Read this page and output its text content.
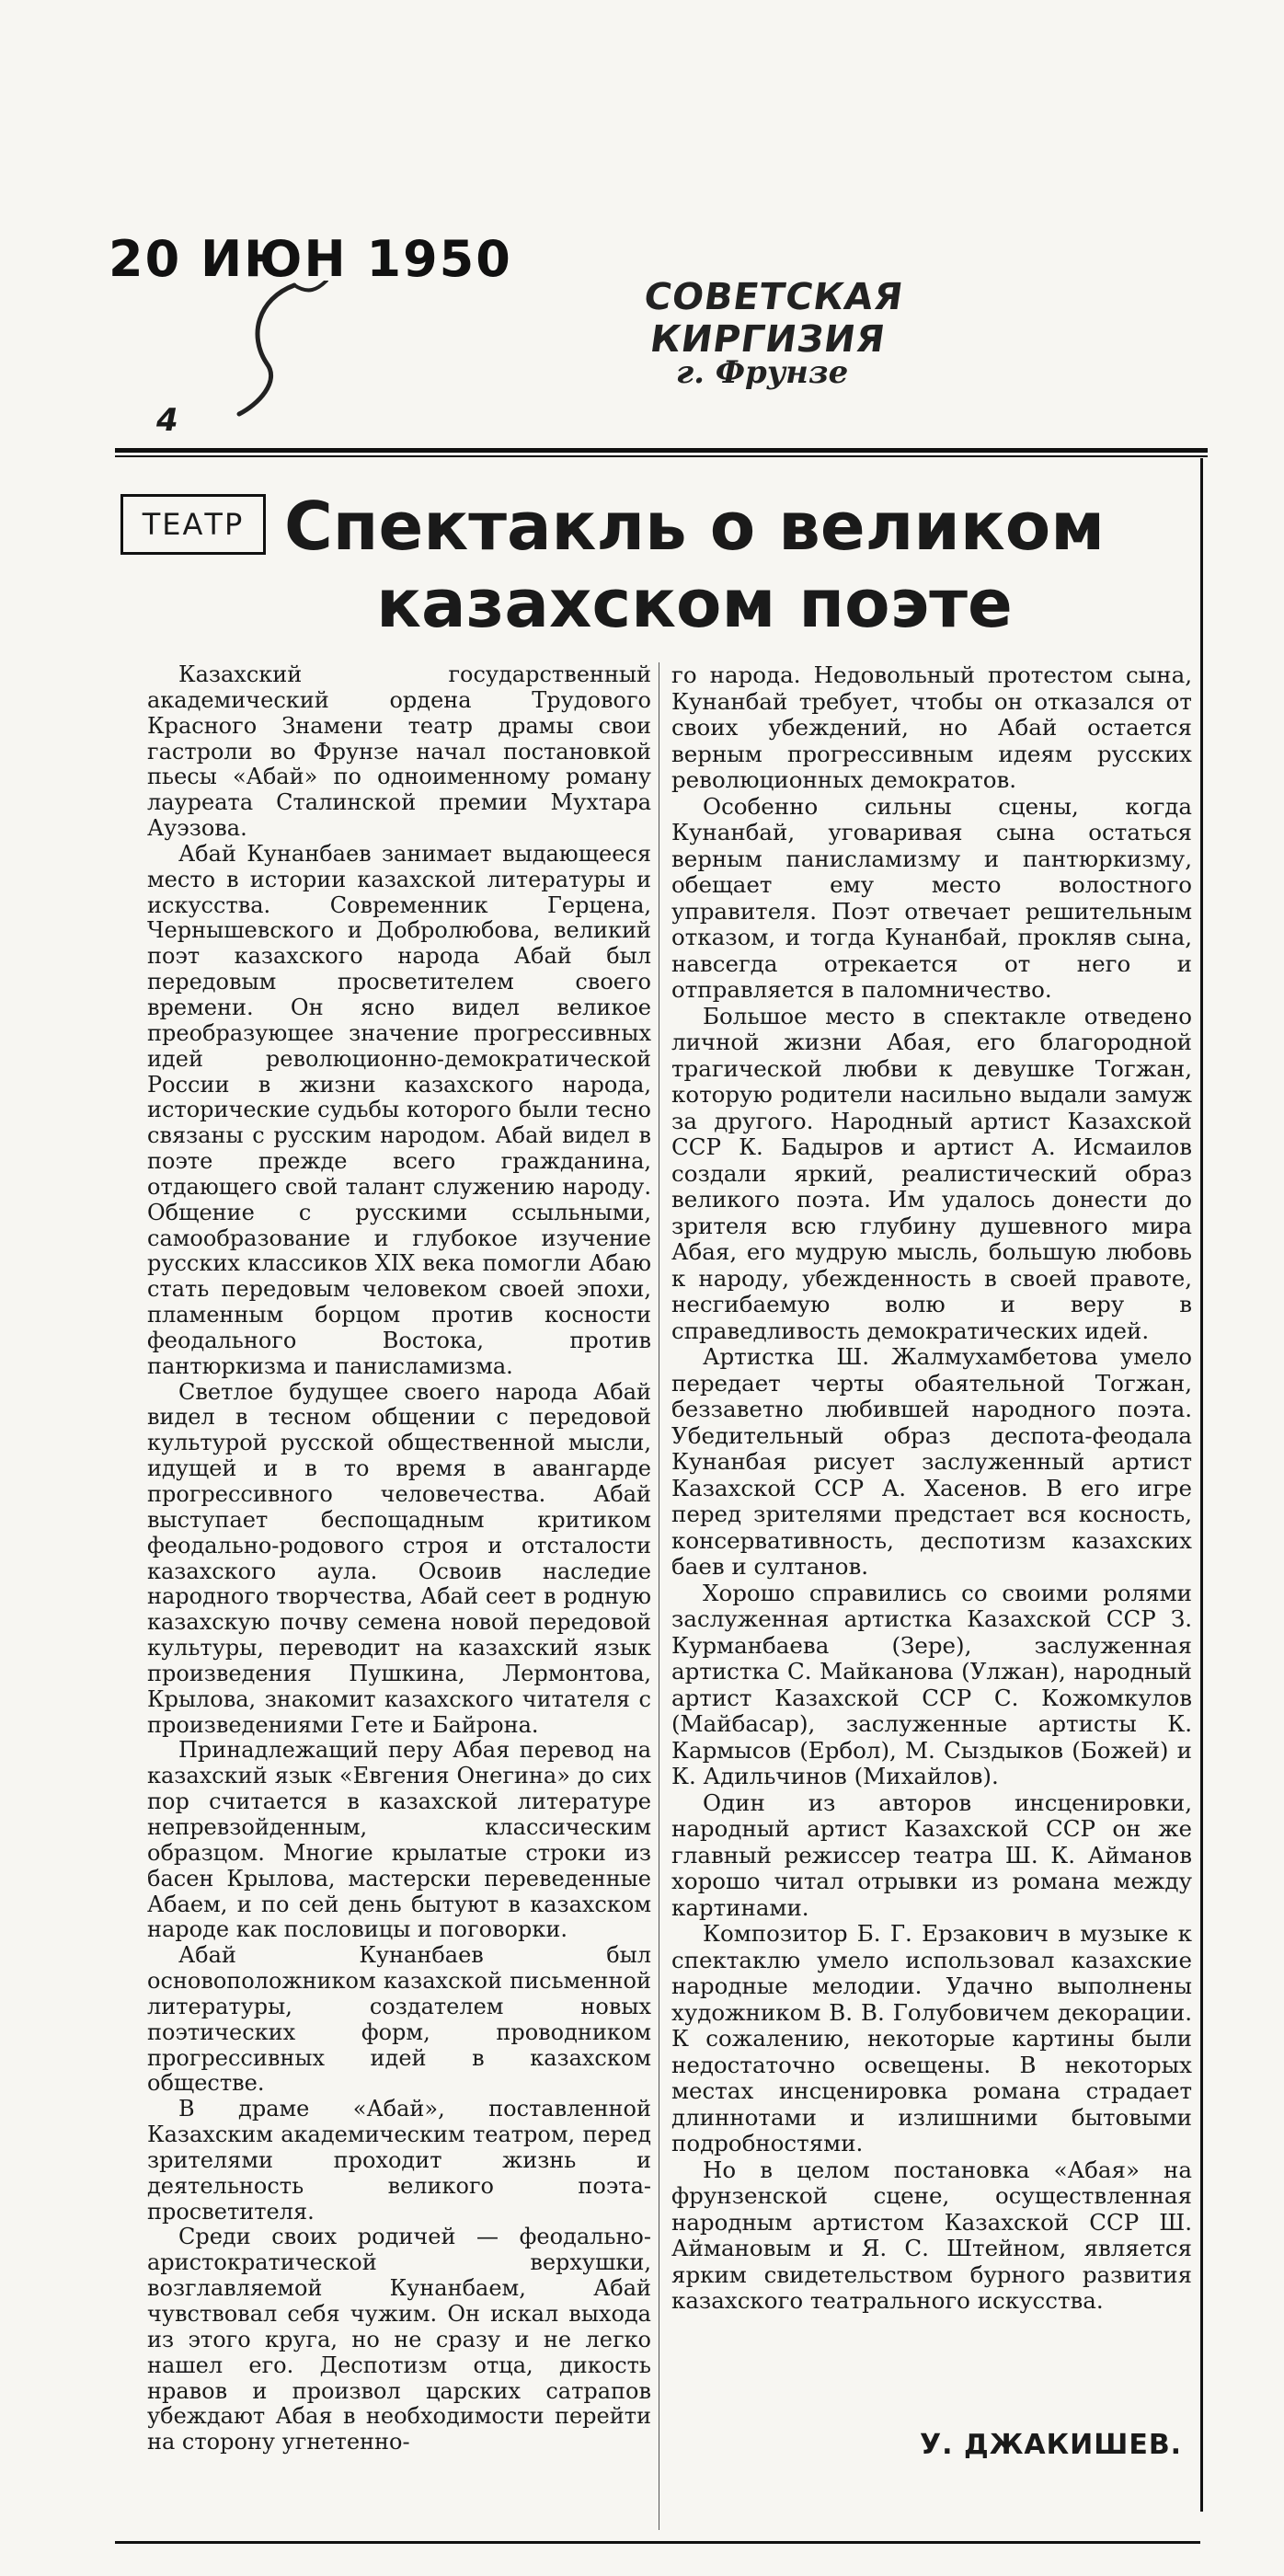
20 ИЮН 1950
СОВЕТСКАЯ КИРГИЗИЯ
г. Фрунзе
4
ТЕАТР Спектакль о великом
казахском поэте

Казахский государственный академический ордена Трудового Красного Знамени театр драмы свои гастроли во Фрунзе начал постановкой пьесы «Абай» по одноименному роману лауреата Сталинской премии Мухтара Ауэзова.

Абай Кунанбаев занимает выдающееся место в истории казахской литературы и искусства. Современник Герцена, Чернышевского и Добролюбова, великий поэт казахского народа Абай был передовым просветителем своего времени. Он ясно видел великое преобразующее значение прогрессивных идей революционно-демократической России в жизни казахского народа, исторические судьбы которого были тесно связаны с русским народом. Абай видел в поэте прежде всего гражданина, отдающего свой талант служению народу. Общение с русскими ссыльными, самообразование и глубокое изучение русских классиков XIX века помогли Абаю стать передовым человеком своей эпохи, пламенным борцом против косности феодального Востока, против пантюркизма и панисламизма.

Светлое будущее своего народа Абай видел в тесном общении с передовой культурой русской общественной мысли, идущей и в то время в авангарде прогрессивного человечества. Абай выступает беспощадным критиком феодально-родового строя и отсталости казахского аула. Освоив наследие народного творчества, Абай сеет в родную казахскую почву семена новой передовой культуры, переводит на казахский язык произведения Пушкина, Лермонтова, Крылова, знакомит казахского читателя с произведениями Гете и Байрона.

Принадлежащий перу Абая перевод на казахский язык «Евгения Онегина» до сих пор считается в казахской литературе непревзойденным, классическим образцом. Многие крылатые строки из басен Крылова, мастерски переведенные Абаем, и по сей день бытуют в казахском народе как пословицы и поговорки.

Абай Кунанбаев был основоположником казахской письменной литературы, создателем новых поэтических форм, проводником прогрессивных идей в казахском обществе.

В драме «Абай», поставленной Казахским академическим театром, перед зрителями проходит жизнь и деятельность великого поэта-просветителя.

Среди своих родичей — феодально-аристократической верхушки, возглавляемой Кунанбаем, Абай чувствовал себя чужим. Он искал выхода из этого круга, но не сразу и не легко нашел его. Деспотизм отца, дикость нравов и произвол царских сатрапов убеждают Абая в необходимости перейти на сторону угнетенно-

го народа. Недовольный протестом сына, Кунанбай требует, чтобы он отказался от своих убеждений, но Абай остается верным прогрессивным идеям русских революционных демократов.

Особенно сильны сцены, когда Кунанбай, уговаривая сына остаться верным панисламизму и пантюркизму, обещает ему место волостного управителя. Поэт отвечает решительным отказом, и тогда Кунанбай, прокляв сына, навсегда отрекается от него и отправляется в паломничество.

Большое место в спектакле отведено личной жизни Абая, его благородной трагической любви к девушке Тогжан, которую родители насильно выдали замуж за другого. Народный артист Казахской ССР К. Бадыров и артист А. Исмаилов создали яркий, реалистический образ великого поэта. Им удалось донести до зрителя всю глубину душевного мира Абая, его мудрую мысль, большую любовь к народу, убежденность в своей правоте, несгибаемую волю и веру в справедливость демократических идей.

Артистка Ш. Жалмухамбетова умело передает черты обаятельной Тогжан, беззаветно любившей народного поэта. Убедительный образ деспота-феодала Кунанбая рисует заслуженный артист Казахской ССР А. Хасенов. В его игре перед зрителями предстает вся косность, консервативность, деспотизм казахских баев и султанов.

Хорошо справились со своими ролями заслуженная артистка Казахской ССР З. Курманбаева (Зере), заслуженная артистка С. Майканова (Улжан), народный артист Казахской ССР С. Кожомкулов (Майбасар), заслуженные артисты К. Кармысов (Ербол), М. Сыздыков (Божей) и К. Адильчинов (Михайлов).

Один из авторов инсценировки, народный артист Казахской ССР он же главный режиссер театра Ш. К. Айманов хорошо читал отрывки из романа между картинами.

Композитор Б. Г. Ерзакович в музыке к спектаклю умело использовал казахские народные мелодии. Удачно выполнены художником В. В. Голубовичем декорации. К сожалению, некоторые картины были недостаточно освещены. В некоторых местах инсценировка романа страдает длиннотами и излишними бытовыми подробностями.

Но в целом постановка «Абая» на фрунзенской сцене, осуществленная народным артистом Казахской ССР Ш. Аймановым и Я. С. Штейном, является ярким свидетельством бурного развития казахского театрального искусства.

У. ДЖАКИШЕВ.
